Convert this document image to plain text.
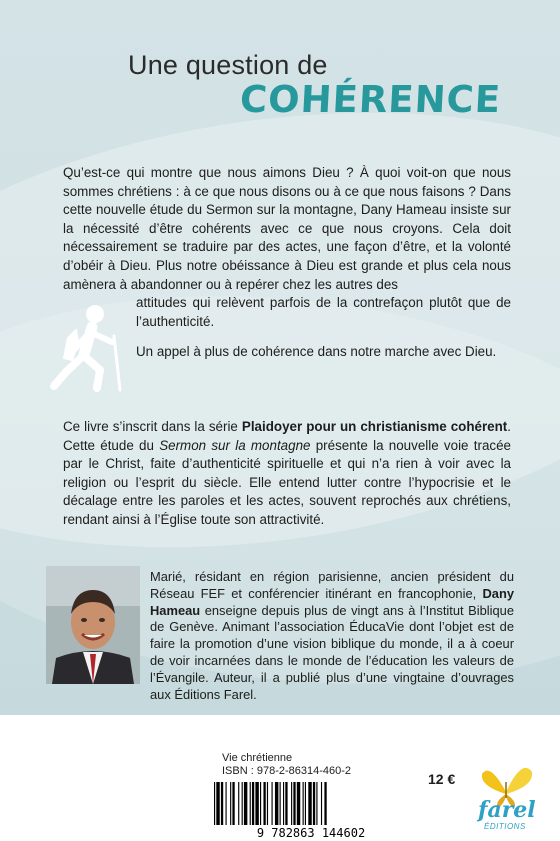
Une question de
COHÉRENCE

Qu’est-ce qui montre que nous aimons Dieu ? À quoi voit-on que nous sommes chrétiens : à ce que nous disons ou à ce que nous faisons ? Dans cette nouvelle étude du Sermon sur la montagne, Dany Hameau insiste sur la nécessité d’être cohérents avec ce que nous croyons. Cela doit nécessairement se traduire par des actes, une façon d’être, et la volonté d’obéir à Dieu. Plus notre obéissance à Dieu est grande et plus cela nous amènera à abandonner ou à repérer chez les autres des

attitudes qui relèvent parfois de la contrefaçon plutôt que de l’authenticité.

Un appel à plus de cohérence dans notre marche avec Dieu.

Ce livre s’inscrit dans la série Plaidoyer pour un christianisme cohérent. Cette étude du Sermon sur la montagne présente la nouvelle voie tracée par le Christ, faite d’authenticité spirituelle et qui n’a rien à voir avec la religion ou l’esprit du siècle. Elle entend lutter contre l’hypocrisie et le décalage entre les paroles et les actes, souvent reprochés aux chrétiens, rendant ainsi à l’Église toute son attractivité.

Marié, résidant en région parisienne, ancien président du Réseau FEF et conférencier itinérant en francophonie, Dany Hameau enseigne depuis plus de vingt ans à l’Institut Biblique de Genève. Animant l’association ÉducaVie dont l’objet est de faire la promotion d’une vision biblique du monde, il a à coeur de voir incarnées dans le monde de l’éducation les valeurs de l’Évangile. Auteur, il a publié plus d’une vingtaine d’ouvrages aux Éditions Farel.

Vie chrétienne
ISBN : 978-2-86314-460-2	12 €
9 782863 144602
farel
ÉDITIONS
